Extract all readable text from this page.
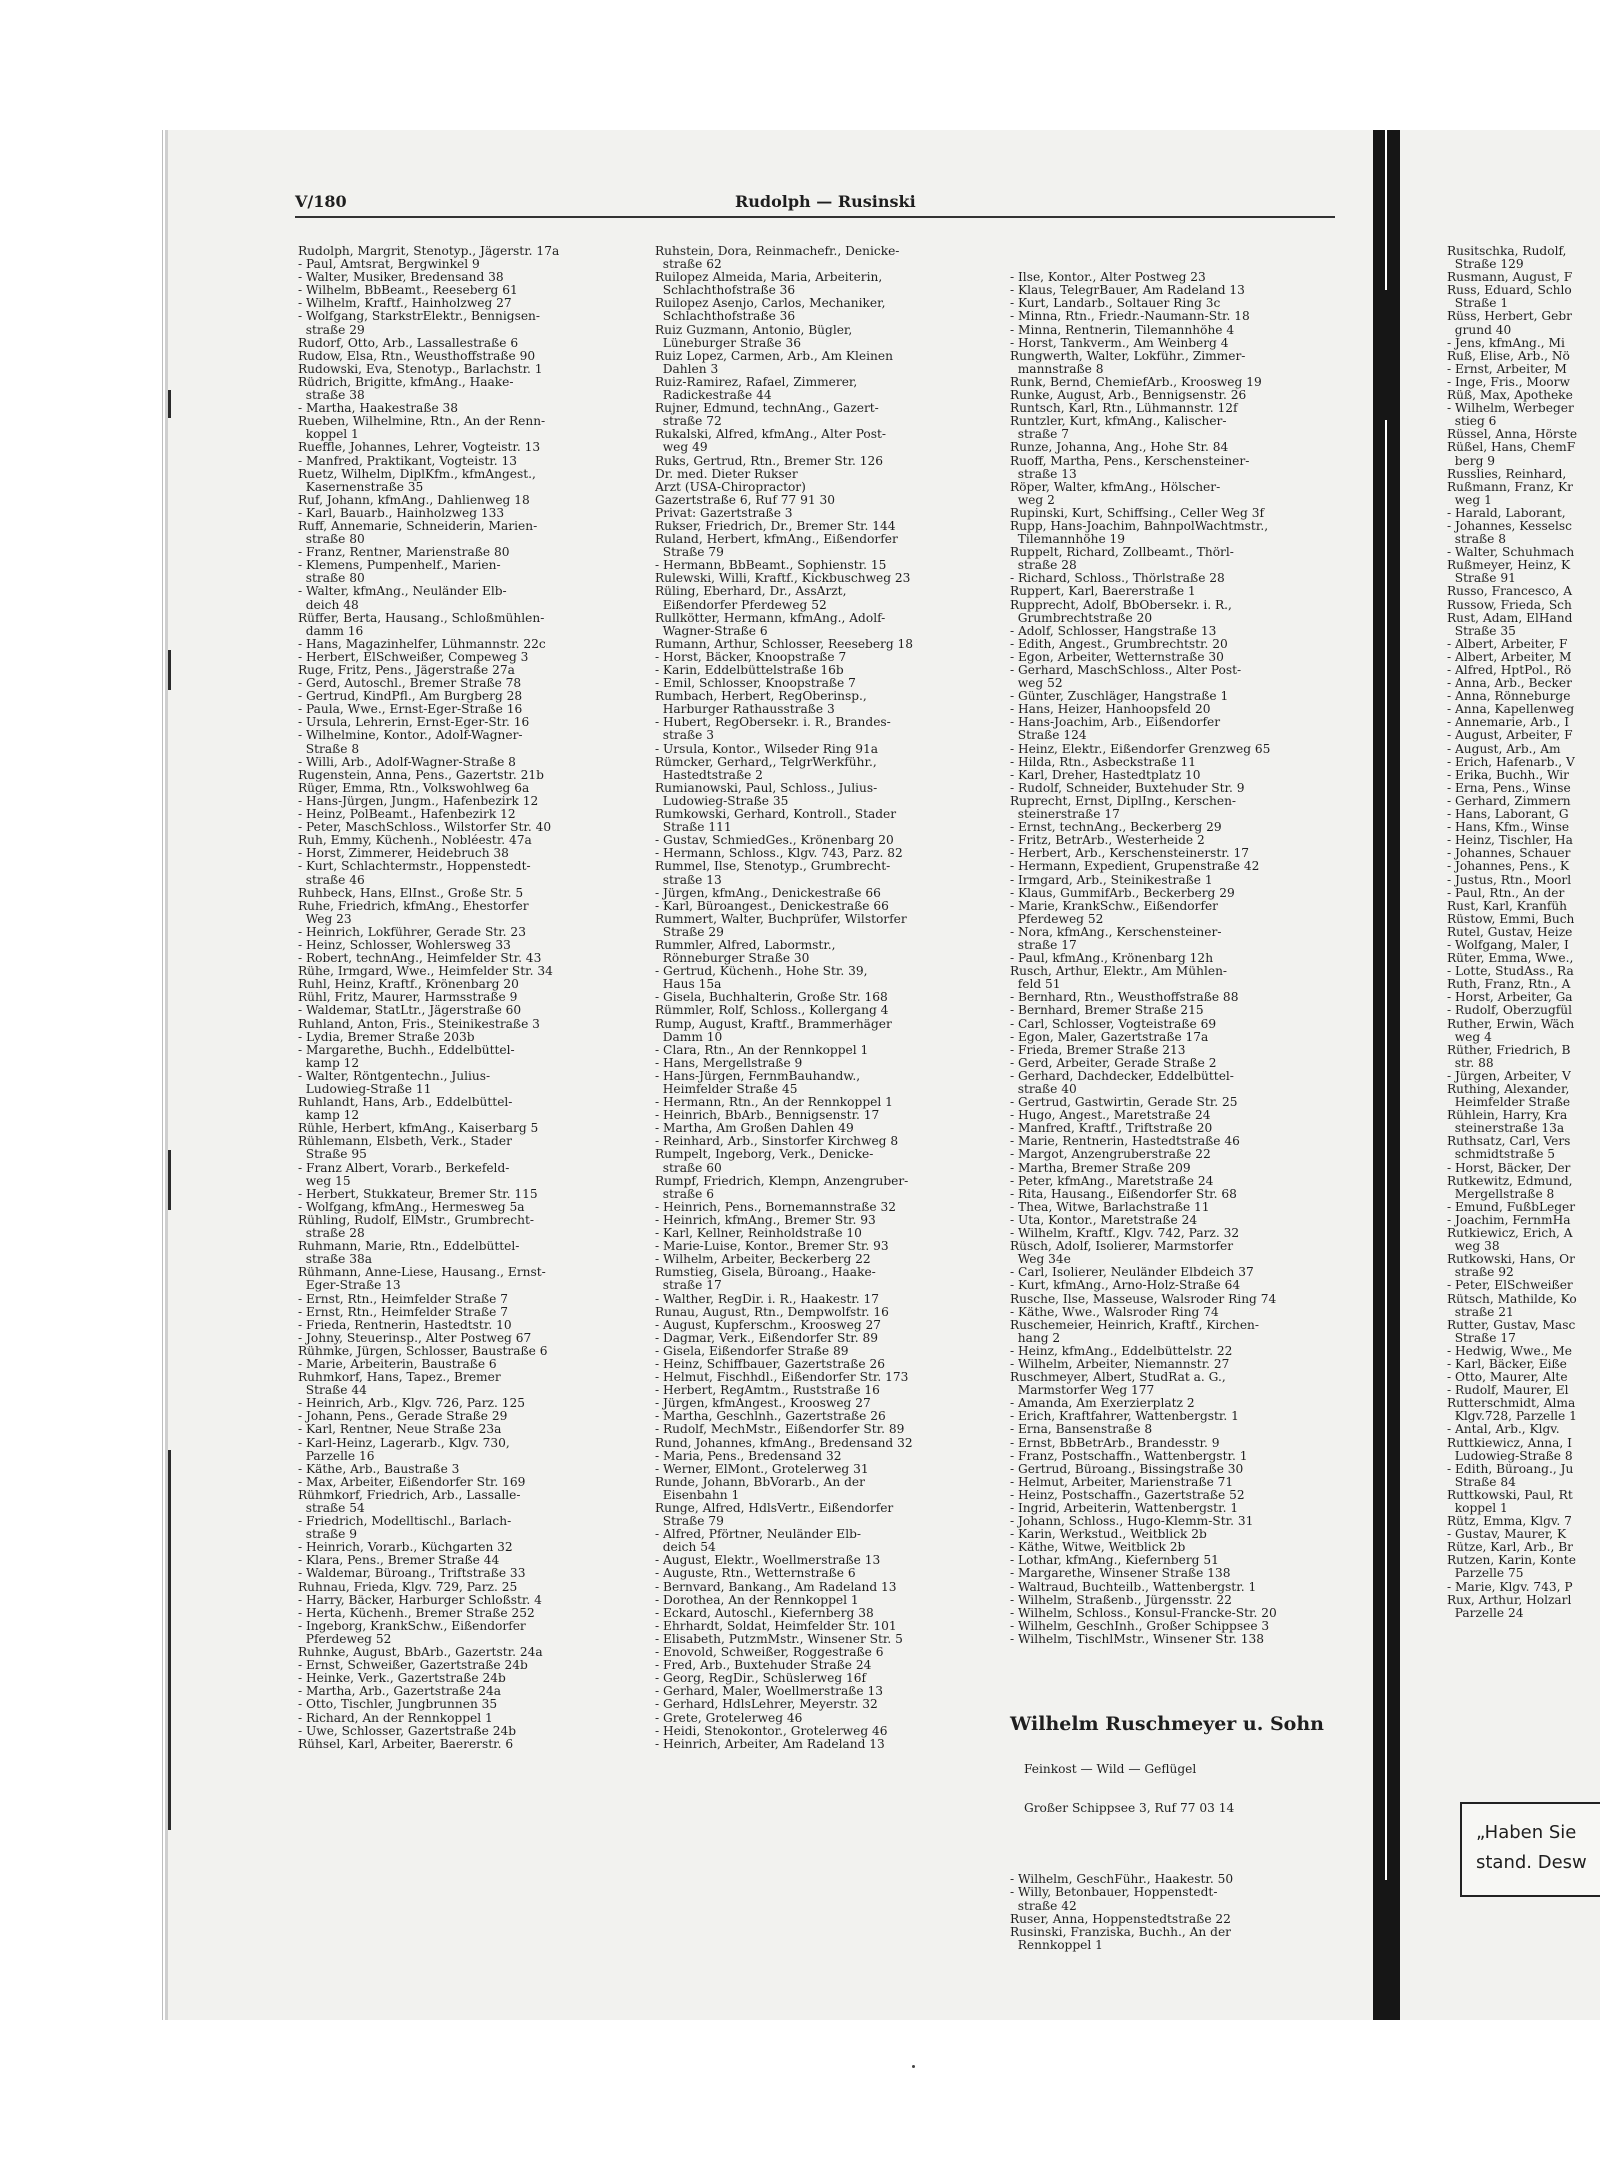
V/180	Rudolph — Rusinski
Rudolph, Margrit, Stenotyp., Jägerstr. 17a
- Paul, Amtsrat, Bergwinkel 9
- Walter, Musiker, Bredensand 38
- Wilhelm, BbBeamt., Reeseberg 61
- Wilhelm, Kraftf., Hainholzweg 27
- Wolfgang, StarkstrElektr., Bennigsen-
straße 29
Rudorf, Otto, Arb., Lassallestraße 6
Rudow, Elsa, Rtn., Weusthoffstraße 90
Rudowski, Eva, Stenotyp., Barlachstr. 1
Rüdrich, Brigitte, kfmAng., Haake-
straße 38
- Martha, Haakestraße 38
Rueben, Wilhelmine, Rtn., An der Renn-
koppel 1
Rueffle, Johannes, Lehrer, Vogteistr. 13
- Manfred, Praktikant, Vogteistr. 13
Ruetz, Wilhelm, DiplKfm., kfmAngest.,
Kasernenstraße 35
Ruf, Johann, kfmAng., Dahlienweg 18
- Karl, Bauarb., Hainholzweg 133
Ruff, Annemarie, Schneiderin, Marien-
straße 80
- Franz, Rentner, Marienstraße 80
- Klemens, Pumpenhelf., Marien-
straße 80
- Walter, kfmAng., Neuländer Elb-
deich 48
Rüffer, Berta, Hausang., Schloßmühlen-
damm 16
- Hans, Magazinhelfer, Lühmannstr. 22c
- Herbert, ElSchweißer, Compeweg 3
Ruge, Fritz, Pens., Jägerstraße 27a
- Gerd, Autoschl., Bremer Straße 78
- Gertrud, KindPfl., Am Burgberg 28
- Paula, Wwe., Ernst-Eger-Straße 16
- Ursula, Lehrerin, Ernst-Eger-Str. 16
- Wilhelmine, Kontor., Adolf-Wagner-
Straße 8
- Willi, Arb., Adolf-Wagner-Straße 8
Rugenstein, Anna, Pens., Gazertstr. 21b
Rüger, Emma, Rtn., Volkswohlweg 6a
- Hans-Jürgen, Jungm., Hafenbezirk 12
- Heinz, PolBeamt., Hafenbezirk 12
- Peter, MaschSchloss., Wilstorfer Str. 40
Ruh, Emmy, Küchenh., Nobléestr. 47a
- Horst, Zimmerer, Heidebruch 38
- Kurt, Schlachtermstr., Hoppenstedt-
straße 46
Ruhbeck, Hans, ElInst., Große Str. 5
Ruhe, Friedrich, kfmAng., Ehestorfer
Weg 23
- Heinrich, Lokführer, Gerade Str. 23
- Heinz, Schlosser, Wohlersweg 33
- Robert, technAng., Heimfelder Str. 43
Rühe, Irmgard, Wwe., Heimfelder Str. 34
Ruhl, Heinz, Kraftf., Krönenbarg 20
Rühl, Fritz, Maurer, Harmsstraße 9
- Waldemar, StatLtr., Jägerstraße 60
Ruhland, Anton, Fris., Steinikestraße 3
- Lydia, Bremer Straße 203b
- Margarethe, Buchh., Eddelbüttel-
kamp 12
- Walter, Röntgentechn., Julius-
Ludowieg-Straße 11
Ruhlandt, Hans, Arb., Eddelbüttel-
kamp 12
Rühle, Herbert, kfmAng., Kaiserbarg 5
Rühlemann, Elsbeth, Verk., Stader
Straße 95
- Franz Albert, Vorarb., Berkefeld-
weg 15
- Herbert, Stukkateur, Bremer Str. 115
- Wolfgang, kfmAng., Hermesweg 5a
Rühling, Rudolf, ElMstr., Grumbrecht-
straße 28
Ruhmann, Marie, Rtn., Eddelbüttel-
straße 38a
Rühmann, Anne-Liese, Hausang., Ernst-
Eger-Straße 13
- Ernst, Rtn., Heimfelder Straße 7
- Ernst, Rtn., Heimfelder Straße 7
- Frieda, Rentnerin, Hastedtstr. 10
- Johny, Steuerinsp., Alter Postweg 67
Rühmke, Jürgen, Schlosser, Baustraße 6
- Marie, Arbeiterin, Baustraße 6
Ruhmkorf, Hans, Tapez., Bremer
Straße 44
- Heinrich, Arb., Klgv. 726, Parz. 125
- Johann, Pens., Gerade Straße 29
- Karl, Rentner, Neue Straße 23a
- Karl-Heinz, Lagerarb., Klgv. 730,
Parzelle 16
- Käthe, Arb., Baustraße 3
- Max, Arbeiter, Eißendorfer Str. 169
Rühmkorf, Friedrich, Arb., Lassalle-
straße 54
- Friedrich, Modelltischl., Barlach-
straße 9
- Heinrich, Vorarb., Küchgarten 32
- Klara, Pens., Bremer Straße 44
- Waldemar, Büroang., Triftstraße 33
Ruhnau, Frieda, Klgv. 729, Parz. 25
- Harry, Bäcker, Harburger Schloßstr. 4
- Herta, Küchenh., Bremer Straße 252
- Ingeborg, KrankSchw., Eißendorfer
Pferdeweg 52
Ruhnke, August, BbArb., Gazertstr. 24a
- Ernst, Schweißer, Gazertstraße 24b
- Heinke, Verk., Gazertstraße 24b
- Martha, Arb., Gazertstraße 24a
- Otto, Tischler, Jungbrunnen 35
- Richard, An der Rennkoppel 1
- Uwe, Schlosser, Gazertstraße 24b
Rühsel, Karl, Arbeiter, Baererstr. 6
Ruhstein, Dora, Reinmachefr., Denicke-
straße 62
Ruilopez Almeida, Maria, Arbeiterin,
Schlachthofstraße 36
Ruilopez Asenjo, Carlos, Mechaniker,
Schlachthofstraße 36
Ruiz Guzmann, Antonio, Bügler,
Lüneburger Straße 36
Ruiz Lopez, Carmen, Arb., Am Kleinen
Dahlen 3
Ruiz-Ramirez, Rafael, Zimmerer,
Radickestraße 44
Rujner, Edmund, technAng., Gazert-
straße 72
Rukalski, Alfred, kfmAng., Alter Post-
weg 49
Ruks, Gertrud, Rtn., Bremer Str. 126
Dr. med. Dieter Rukser
Arzt (USA-Chiropractor)
Gazertstraße 6, Ruf 77 91 30
Privat: Gazertstraße 3
Rukser, Friedrich, Dr., Bremer Str. 144
Ruland, Herbert, kfmAng., Eißendorfer
Straße 79
- Hermann, BbBeamt., Sophienstr. 15
Rulewski, Willi, Kraftf., Kickbuschweg 23
Rüling, Eberhard, Dr., AssArzt,
Eißendorfer Pferdeweg 52
Rullkötter, Hermann, kfmAng., Adolf-
Wagner-Straße 6
Rumann, Arthur, Schlosser, Reeseberg 18
- Horst, Bäcker, Knoopstraße 7
- Karin, Eddelbüttelstraße 16b
- Emil, Schlosser, Knoopstraße 7
Rumbach, Herbert, RegOberinsp.,
Harburger Rathausstraße 3
- Hubert, RegObersekr. i. R., Brandes-
straße 3
- Ursula, Kontor., Wilseder Ring 91a
Rümcker, Gerhard,, TelgrWerkführ.,
Hastedtstraße 2
Rumianowski, Paul, Schloss., Julius-
Ludowieg-Straße 35
Rumkowski, Gerhard, Kontroll., Stader
Straße 111
- Gustav, SchmiedGes., Krönenbarg 20
- Hermann, Schloss., Klgv. 743, Parz. 82
Rummel, Ilse, Stenotyp., Grumbrecht-
straße 13
- Jürgen, kfmAng., Denickestraße 66
- Karl, Büroangest., Denickestraße 66
Rummert, Walter, Buchprüfer, Wilstorfer
Straße 29
Rummler, Alfred, Labormstr.,
Rönneburger Straße 30
- Gertrud, Küchenh., Hohe Str. 39,
Haus 15a
- Gisela, Buchhalterin, Große Str. 168
Rümmler, Rolf, Schloss., Kollergang 4
Rump, August, Kraftf., Brammerhäger
Damm 10
- Clara, Rtn., An der Rennkoppel 1
- Hans, Mergellstraße 9
- Hans-Jürgen, FernmBauhandw.,
Heimfelder Straße 45
- Hermann, Rtn., An der Rennkoppel 1
- Heinrich, BbArb., Bennigsenstr. 17
- Martha, Am Großen Dahlen 49
- Reinhard, Arb., Sinstorfer Kirchweg 8
Rumpelt, Ingeborg, Verk., Denicke-
straße 60
Rumpf, Friedrich, Klempn, Anzengruber-
straße 6
- Heinrich, Pens., Bornemannstraße 32
- Heinrich, kfmAng., Bremer Str. 93
- Karl, Kellner, Reinholdstraße 10
- Marie-Luise, Kontor., Bremer Str. 93
- Wilhelm, Arbeiter, Beckerberg 22
Rumstieg, Gisela, Büroang., Haake-
straße 17
- Walther, RegDir. i. R., Haakestr. 17
Runau, August, Rtn., Dempwolfstr. 16
- August, Kupferschm., Kroosweg 27
- Dagmar, Verk., Eißendorfer Str. 89
- Gisela, Eißendorfer Straße 89
- Heinz, Schiffbauer, Gazertstraße 26
- Helmut, Fischhdl., Eißendorfer Str. 173
- Herbert, RegAmtm., Ruststraße 16
- Jürgen, kfmAngest., Kroosweg 27
- Martha, Geschlnh., Gazertstraße 26
- Rudolf, MechMstr., Eißendorfer Str. 89
Rund, Johannes, kfmAng., Bredensand 32
- Maria, Pens., Bredensand 32
- Werner, ElMont., Grotelerweg 31
Runde, Johann, BbVorarb., An der
Eisenbahn 1
Runge, Alfred, HdlsVertr., Eißendorfer
Straße 79
- Alfred, Pförtner, Neuländer Elb-
deich 54
- August, Elektr., Woellmerstraße 13
- Auguste, Rtn., Wetternstraße 6
- Bernvard, Bankang., Am Radeland 13
- Dorothea, An der Rennkoppel 1
- Eckard, Autoschl., Kiefernberg 38
- Ehrhardt, Soldat, Heimfelder Str. 101
- Elisabeth, PutzmMstr., Winsener Str. 5
- Enovold, Schweißer, Roggestraße 6
- Fred, Arb., Buxtehuder Straße 24
- Georg, RegDir., Schüslerweg 16f
- Gerhard, Maler, Woellmerstraße 13
- Gerhard, HdlsLehrer, Meyerstr. 32
- Grete, Grotelerweg 46
- Heidi, Stenokontor., Grotelerweg 46
- Heinrich, Arbeiter, Am Radeland 13

- Ilse, Kontor., Alter Postweg 23
- Klaus, TelegrBauer, Am Radeland 13
- Kurt, Landarb., Soltauer Ring 3c
- Minna, Rtn., Friedr.-Naumann-Str. 18
- Minna, Rentnerin, Tilemannhöhe 4
- Horst, Tankverm., Am Weinberg 4
Rungwerth, Walter, Lokführ., Zimmer-
mannstraße 8
Runk, Bernd, ChemiefArb., Kroosweg 19
Runke, August, Arb., Bennigsenstr. 26
Runtsch, Karl, Rtn., Lühmannstr. 12f
Runtzler, Kurt, kfmAng., Kalischer-
straße 7
Runze, Johanna, Ang., Hohe Str. 84
Ruoff, Martha, Pens., Kerschensteiner-
straße 13
Röper, Walter, kfmAng., Hölscher-
weg 2
Rupinski, Kurt, Schiffsing., Celler Weg 3f
Rupp, Hans-Joachim, BahnpolWachtmstr.,
Tilemannhöhe 19
Ruppelt, Richard, Zollbeamt., Thörl-
straße 28
- Richard, Schloss., Thörlstraße 28
Ruppert, Karl, Baererstraße 1
Rupprecht, Adolf, BbObersekr. i. R.,
Grumbrechtstraße 20
- Adolf, Schlosser, Hangstraße 13
- Edith, Angest., Grumbrechtstr. 20
- Egon, Arbeiter, Wetternstraße 30
- Gerhard, MaschSchloss., Alter Post-
weg 52
- Günter, Zuschläger, Hangstraße 1
- Hans, Heizer, Hanhoopsfeld 20
- Hans-Joachim, Arb., Eißendorfer
Straße 124
- Heinz, Elektr., Eißendorfer Grenzweg 65
- Hilda, Rtn., Asbeckstraße 11
- Karl, Dreher, Hastedtplatz 10
- Rudolf, Schneider, Buxtehuder Str. 9
Ruprecht, Ernst, DiplIng., Kerschen-
steinerstraße 17
- Ernst, technAng., Beckerberg 29
- Fritz, BetrArb., Westerheide 2
- Herbert, Arb., Kerschensteinerstr. 17
- Hermann, Expedient, Grupenstraße 42
- Irmgard, Arb., Steinikestraße 1
- Klaus, GummifArb., Beckerberg 29
- Marie, KrankSchw., Eißendorfer
Pferdeweg 52
- Nora, kfmAng., Kerschensteiner-
straße 17
- Paul, kfmAng., Krönenbarg 12h
Rusch, Arthur, Elektr., Am Mühlen-
feld 51
- Bernhard, Rtn., Weusthoffstraße 88
- Bernhard, Bremer Straße 215
- Carl, Schlosser, Vogteistraße 69
- Egon, Maler, Gazertstraße 17a
- Frieda, Bremer Straße 213
- Gerd, Arbeiter, Gerade Straße 2
- Gerhard, Dachdecker, Eddelbüttel-
straße 40
- Gertrud, Gastwirtin, Gerade Str. 25
- Hugo, Angest., Maretstraße 24
- Manfred, Kraftf., Triftstraße 20
- Marie, Rentnerin, Hastedtstraße 46
- Margot, Anzengruberstraße 22
- Martha, Bremer Straße 209
- Peter, kfmAng., Maretstraße 24
- Rita, Hausang., Eißendorfer Str. 68
- Thea, Witwe, Barlachstraße 11
- Uta, Kontor., Maretstraße 24
- Wilhelm, Kraftf., Klgv. 742, Parz. 32
Rüsch, Adolf, Isolierer, Marmstorfer
Weg 34e
- Carl, Isolierer, Neuländer Elbdeich 37
- Kurt, kfmAng., Arno-Holz-Straße 64
Rusche, Ilse, Masseuse, Walsroder Ring 74
- Käthe, Wwe., Walsroder Ring 74
Ruschemeier, Heinrich, Kraftf., Kirchen-
hang 2
- Heinz, kfmAng., Eddelbüttelstr. 22
- Wilhelm, Arbeiter, Niemannstr. 27
Ruschmeyer, Albert, StudRat a. G.,
Marmstorfer Weg 177
- Amanda, Am Exerzierplatz 2
- Erich, Kraftfahrer, Wattenbergstr. 1
- Erna, Bansenstraße 8
- Ernst, BbBetrArb., Brandesstr. 9
- Franz, Postschaffn., Wattenbergstr. 1
- Gertrud, Büroang., Bissingstraße 30
- Helmut, Arbeiter, Marienstraße 71
- Heinz, Postschaffn., Gazertstraße 52
- Ingrid, Arbeiterin, Wattenbergstr. 1
- Johann, Schloss., Hugo-Klemm-Str. 31
- Karin, Werkstud., Weitblick 2b
- Käthe, Witwe, Weitblick 2b
- Lothar, kfmAng., Kiefernberg 51
- Margarethe, Winsener Straße 138
- Waltraud, Buchteilb., Wattenbergstr. 1
- Wilhelm, Straßenb., Jürgensstr. 22
- Wilhelm, Schloss., Konsul-Francke-Str. 20
- Wilhelm, GeschInh., Großer Schippsee 3
- Wilhelm, TischlMstr., Winsener Str. 138

Wilhelm Ruschmeyer u. Sohn

Feinkost — Wild — Geflügel

Großer Schippsee 3, Ruf 77 03 14

- Wilhelm, GeschFühr., Haakestr. 50
- Willy, Betonbauer, Hoppenstedt-
straße 42
Ruser, Anna, Hoppenstedtstraße 22
Rusinski, Franziska, Buchh., An der
Rennkoppel 1

Rusitschka, Rudolf,
Straße 129
Rusmann, August, F
Russ, Eduard, Schlo
Straße 1
Rüss, Herbert, Gebr
grund 40
- Jens, kfmAng., Mi
Ruß, Elise, Arb., Nö
- Ernst, Arbeiter, M
- Inge, Fris., Moorw
Rüß, Max, Apotheke
- Wilhelm, Werbeger
stieg 6
Rüssel, Anna, Hörste
Rüßel, Hans, ChemF
berg 9
Russlies, Reinhard,
Rußmann, Franz, Kr
weg 1
- Harald, Laborant,
- Johannes, Kesselsc
straße 8
- Walter, Schuhmach
Rußmeyer, Heinz, K
Straße 91
Russo, Francesco, A
Russow, Frieda, Sch
Rust, Adam, ElHand
Straße 35
- Albert, Arbeiter, F
- Albert, Arbeiter, M
- Alfred, HptPol., Rö
- Anna, Arb., Becker
- Anna, Rönneburge
- Anna, Kapellenweg
- Annemarie, Arb., I
- August, Arbeiter, F
- August, Arb., Am
- Erich, Hafenarb., V
- Erika, Buchh., Wir
- Erna, Pens., Winse
- Gerhard, Zimmern
- Hans, Laborant, G
- Hans, Kfm., Winse
- Heinz, Tischler, Ha
- Johannes, Schauer
- Johannes, Pens., K
- Justus, Rtn., Moorl
- Paul, Rtn., An der
Rust, Karl, Kranfüh
Rüstow, Emmi, Buch
Rutel, Gustav, Heize
- Wolfgang, Maler, I
Rüter, Emma, Wwe.,
- Lotte, StudAss., Ra
Ruth, Franz, Rtn., A
- Horst, Arbeiter, Ga
- Rudolf, Oberzugfül
Ruther, Erwin, Wäch
weg 4
Rüther, Friedrich, B
str. 88
- Jürgen, Arbeiter, V
Ruthing, Alexander,
Heimfelder Straße
Rühlein, Harry, Kra
steinerstraße 13a
Ruthsatz, Carl, Vers
schmidtstraße 5
- Horst, Bäcker, Der
Rutkewitz, Edmund,
Mergellstraße 8
- Emund, FußbLeger
- Joachim, FernmHa
Rutkiewicz, Erich, A
weg 38
Rutkowski, Hans, Or
straße 92
- Peter, ElSchweißer
Rütsch, Mathilde, Ko
straße 21
Rutter, Gustav, Masc
Straße 17
- Hedwig, Wwe., Me
- Karl, Bäcker, Eiße
- Otto, Maurer, Alte
- Rudolf, Maurer, El
Rutterschmidt, Alma
Klgv.728, Parzelle 1
- Antal, Arb., Klgv.
Ruttkiewicz, Anna, I
Ludowieg-Straße 8
- Edith, Büroang., Ju
Straße 84
Ruttkowski, Paul, Rt
koppel 1
Rütz, Emma, Klgv. 7
- Gustav, Maurer, K
Rütze, Karl, Arb., Br
Rutzen, Karin, Konte
Parzelle 75
- Marie, Klgv. 743, P
Rux, Arthur, Holzarl
Parzelle 24
„Haben Sie
stand. Desw
